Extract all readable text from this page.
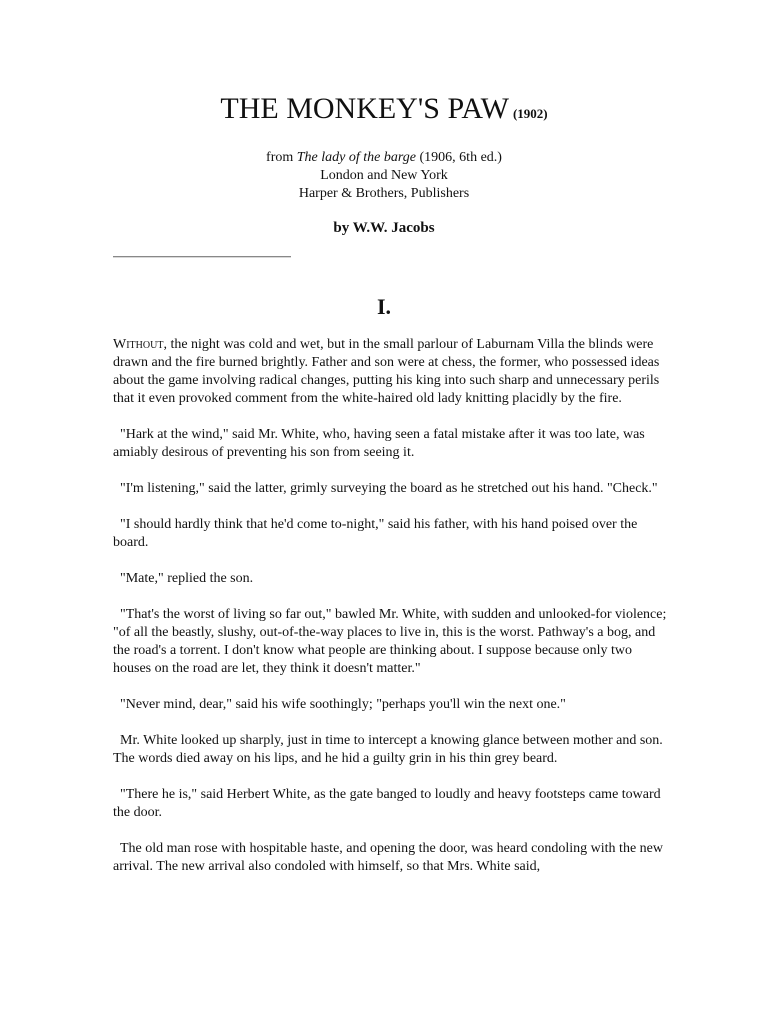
THE MONKEY'S PAW (1902)
from The lady of the barge (1906, 6th ed.)
London and New York
Harper & Brothers, Publishers
by W.W. Jacobs
I.

Without, the night was cold and wet, but in the small parlour of Laburnam Villa the blinds were drawn and the fire burned brightly. Father and son were at chess, the former, who possessed ideas about the game involving radical changes, putting his king into such sharp and unnecessary perils that it even provoked comment from the white-haired old lady knitting placidly by the fire.

"Hark at the wind," said Mr. White, who, having seen a fatal mistake after it was too late, was amiably desirous of preventing his son from seeing it.

"I'm listening," said the latter, grimly surveying the board as he stretched out his hand. "Check."

"I should hardly think that he'd come to-night," said his father, with his hand poised over the board.

"Mate," replied the son.

"That's the worst of living so far out," bawled Mr. White, with sudden and unlooked-for violence; "of all the beastly, slushy, out-of-the-way places to live in, this is the worst. Pathway's a bog, and the road's a torrent. I don't know what people are thinking about. I suppose because only two houses on the road are let, they think it doesn't matter."

"Never mind, dear," said his wife soothingly; "perhaps you'll win the next one."

Mr. White looked up sharply, just in time to intercept a knowing glance between mother and son. The words died away on his lips, and he hid a guilty grin in his thin grey beard.

"There he is," said Herbert White, as the gate banged to loudly and heavy footsteps came toward the door.

The old man rose with hospitable haste, and opening the door, was heard condoling with the new arrival. The new arrival also condoled with himself, so that Mrs. White said,
